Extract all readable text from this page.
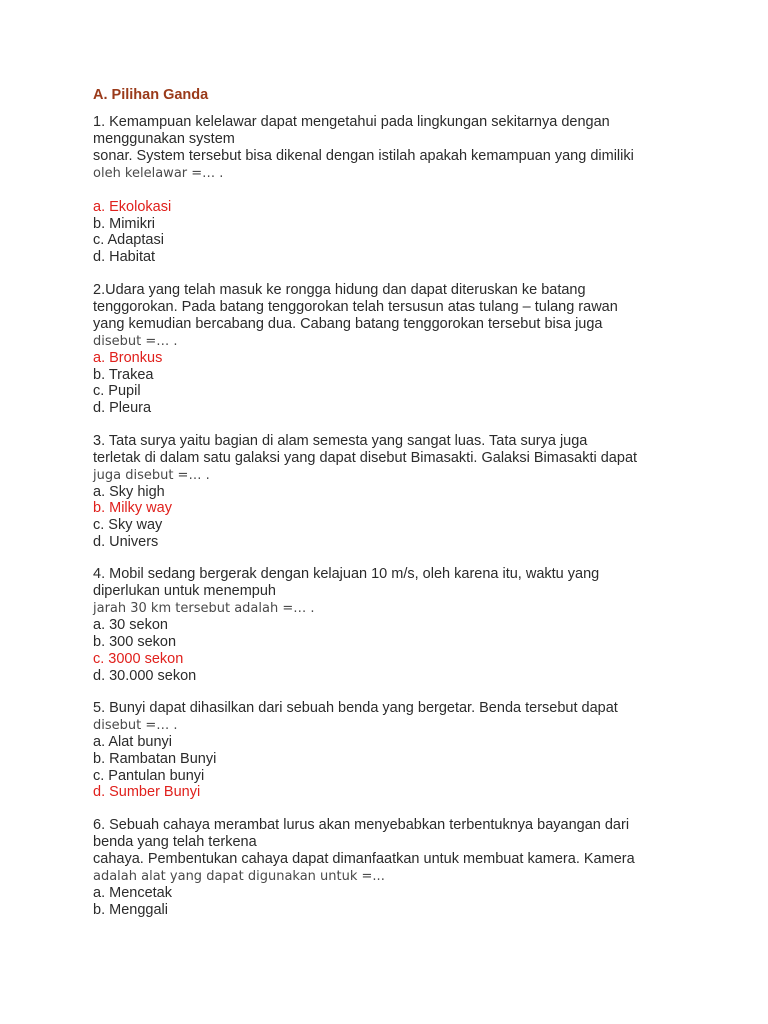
A. Pilihan Ganda
1. Kemampuan kelelawar dapat mengetahui pada lingkungan sekitarnya dengan
menggunakan system
sonar. System tersebut bisa dikenal dengan istilah apakah kemampuan yang dimiliki
oleh kelelawar =… .
a. Ekolokasi
b. Mimikri
c. Adaptasi
d. Habitat
2.Udara yang telah masuk ke rongga hidung dan dapat diteruskan ke batang
tenggorokan. Pada batang tenggorokan telah tersusun atas tulang – tulang rawan
yang kemudian bercabang dua. Cabang batang tenggorokan tersebut bisa juga
disebut =… .
a. Bronkus
b. Trakea
c. Pupil
d. Pleura
3. Tata surya yaitu bagian di alam semesta yang sangat luas. Tata surya juga
terletak di dalam satu galaksi yang dapat disebut Bimasakti. Galaksi Bimasakti dapat
juga disebut =… .
a. Sky high
b. Milky way
c. Sky way
d. Univers
4. Mobil sedang bergerak dengan kelajuan 10 m/s, oleh karena itu, waktu yang
diperlukan untuk menempuh
jarah 30 km tersebut adalah =… .
a. 30 sekon
b. 300 sekon
c. 3000 sekon
d. 30.000 sekon
5. Bunyi dapat dihasilkan dari sebuah benda yang bergetar. Benda tersebut dapat
disebut =… .
a. Alat bunyi
b. Rambatan Bunyi
c. Pantulan bunyi
d. Sumber Bunyi
6. Sebuah cahaya merambat lurus akan menyebabkan terbentuknya bayangan dari
benda yang telah terkena
cahaya. Pembentukan cahaya dapat dimanfaatkan untuk membuat kamera. Kamera
adalah alat yang dapat digunakan untuk =...
a. Mencetak
b. Menggali
